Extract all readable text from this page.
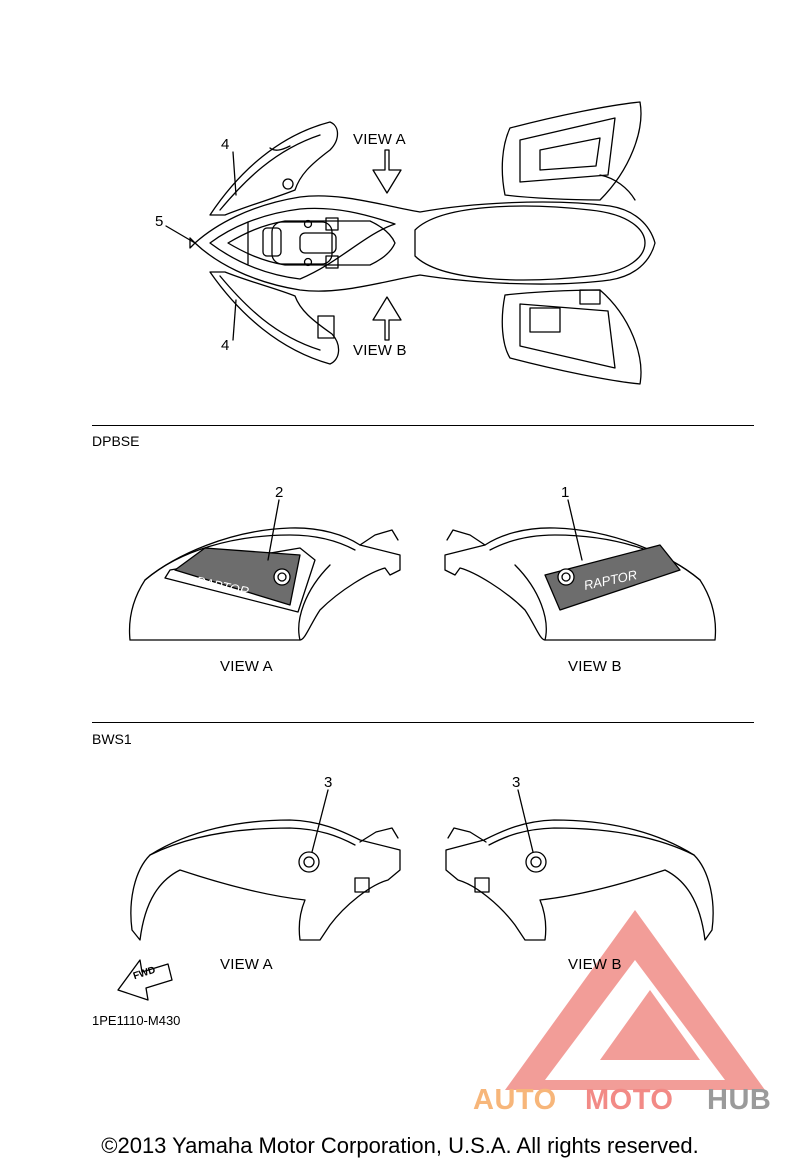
RAPTOR	RAPTOR
VIEW A
VIEW B
4
5
4
DPBSE
2	1
VIEW A	VIEW B
BWS1
3	3
VIEW A	VIEW B
FWD
1PE1110-M430
AUTO MOTO HUB
©2013 Yamaha Motor Corporation, U.S.A. All rights reserved.
